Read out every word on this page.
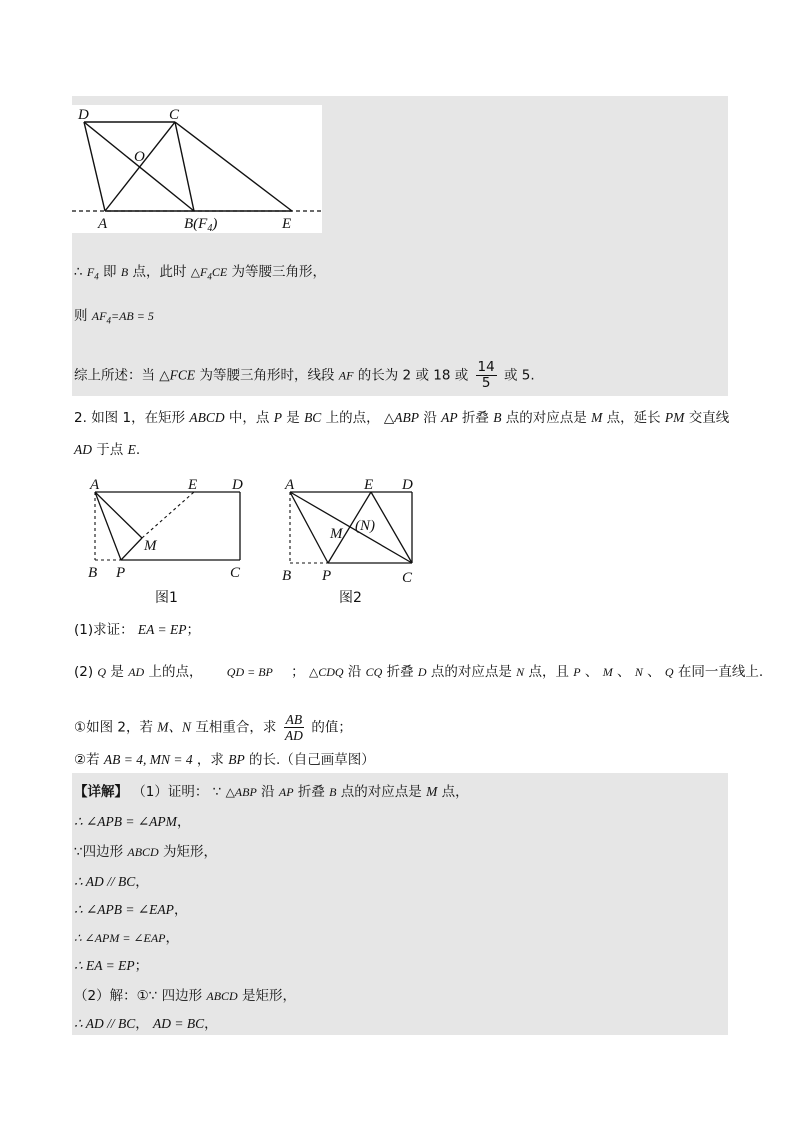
D	C
O
A	$B(F_4)$	E
∴ $F_4$ 即 B 点，此时 $\triangle F_4CE$ 为等腰三角形，
则 $AF_4=AB = 5$
综上所述：当 △FCE 为等腰三角形时，线段 AF 的长为 2 或 18 或 $\frac{14}{5}$ 或 5.
2. 如图 1，在矩形 ABCD 中，点 P 是 BC 上的点， △ABP 沿 AP 折叠 B 点的对应点是 M 点，延长 PM 交直线
AD 于点 E.
A	E D
M
B P	C
图1
A	E D
(N)
M
B P	C
图2
(1)求证： EA = EP；
(2) Q 是 AD 上的点， QD = BP ； △CDQ 沿 CQ 折叠 D 点的对应点是 N 点，且 P 、 M 、 N 、 Q 在同一直线上.
①如图 2，若 M、N 互相重合，求 $\frac{AB}{AD}$ 的值；
②若 AB = 4, MN = 4 ，求 BP 的长.（自己画草图）
【详解】 （1）证明： ∵ △ABP 沿 AP 折叠 B 点的对应点是 M 点，
∴ ∠APB = ∠APM，
∵四边形 ABCD 为矩形，
∴ AD // BC，
∴ ∠APB = ∠EAP，
∴ ∠APM = ∠EAP，
∴ EA = EP；
（2）解：①∵ 四边形 ABCD 是矩形，
∴ AD // BC， AD = BC，
